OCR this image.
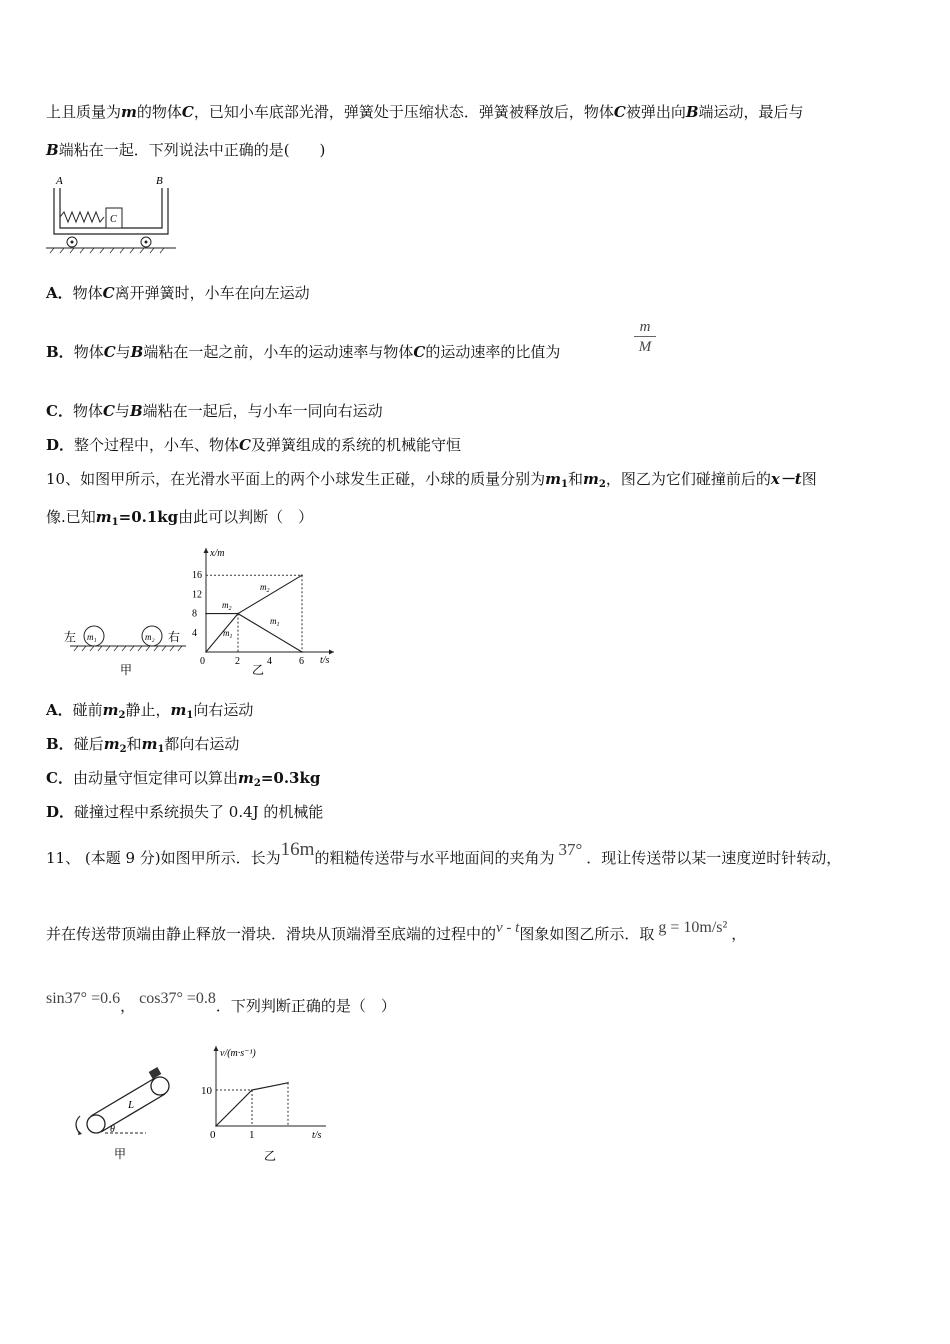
上且质量为m的物体C，已知小车底部光滑，弹簧处于压缩状态．弹簧被释放后，物体C被弹出向B端运动，最后与
B端粘在一起．下列说法中正确的是(　　)
A	B
C
A．物体C离开弹簧时，小车在向左运动
B．物体C与B端粘在一起之前，小车的运动速率与物体C的运动速率的比值为
m
M
C．物体C与B端粘在一起后，与小车一同向右运动
D．整个过程中，小车、物体C及弹簧组成的系统的机械能守恒
10、如图甲所示，在光滑水平面上的两个小球发生正碰，小球的质量分别为$m_1$和$m_2$，图乙为它们碰撞前后的x－t图
像.已知$m_1=0.1kg$由此可以判断（　）
左 m₁	m₂ 右
甲
x/m
t/s
0	2	4	6
4
8
12
16
$m_2$
$m_2$
$m_1$
$m_1$
乙
A．碰前$m_2$静止，$m_1$向右运动
B．碰后$m_2$和$m_1$都向右运动
C．由动量守恒定律可以算出$m_2=0.3kg$
D．碰撞过程中系统损失了 0.4J 的机械能
11、 (本题 9 分)如图甲所示．长为16m的粗糙传送带与水平地面间的夹角为 37° ．现让传送带以某一速度逆时针转动，
并在传送带顶端由静止释放一滑块．滑块从顶端滑至底端的过程中的v - t图象如图乙所示．取 g = 10m/s² ，
sin37° =0.6， cos37° =0.8．下列判断正确的是（　）
L
θ
甲
v/(m·s⁻¹)
t/s
0	1
10
乙
